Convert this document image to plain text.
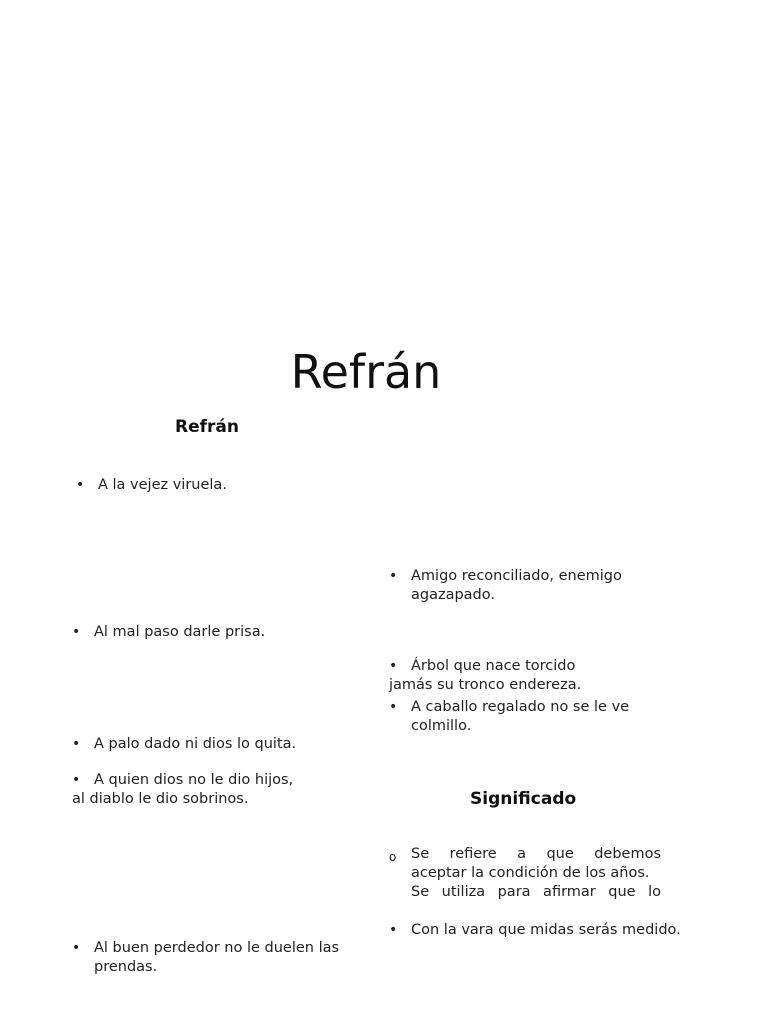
Refrán
Refrán
• A la vejez viruela.
• Al mal paso darle prisa.
• A palo dado ni dios lo quita.
• A quien dios no le dio hijos,
al diablo le dio sobrinos.
• Al buen perdedor no le duelen las prendas.
• Amigo reconciliado, enemigo agazapado.
• A caballo regalado no se le ve colmillo.
• Árbol que nace torcido
jamás su tronco endereza.
• Con la vara que midas serás medido.
Significado
o Se refiere a que debemos
aceptar la condición de los años.
Se utiliza para afirmar que lo
